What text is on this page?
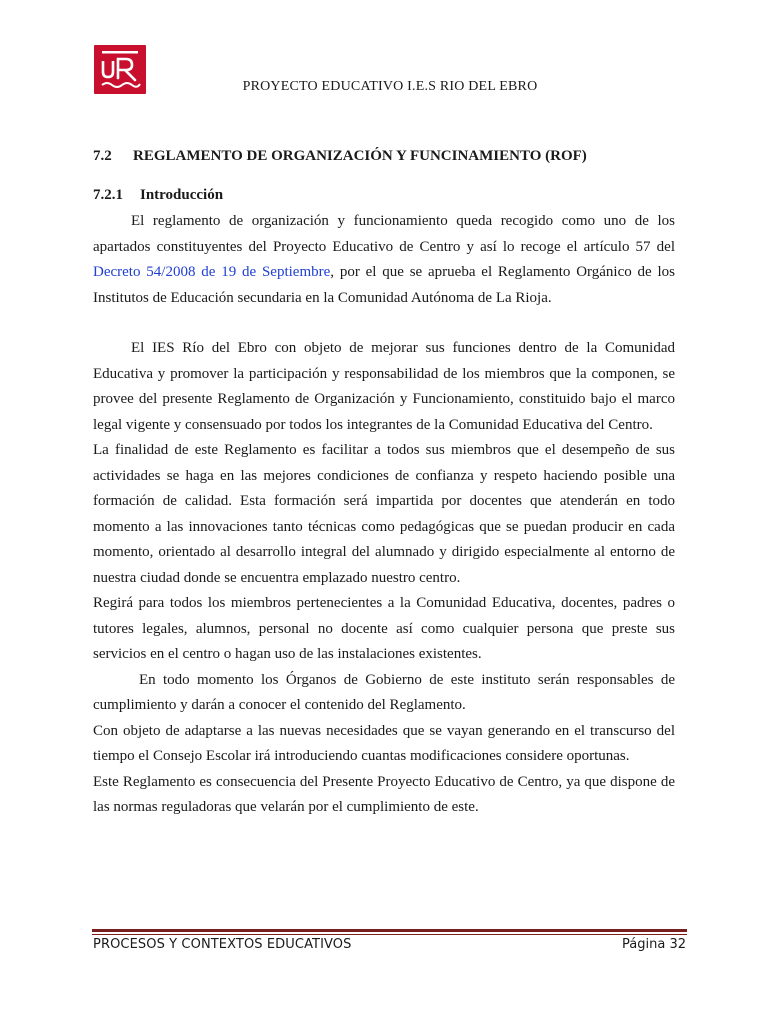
PROYECTO EDUCATIVO I.E.S RIO DEL EBRO
7.2 REGLAMENTO DE ORGANIZACIÓN Y FUNCINAMIENTO (ROF)
7.2.1 Introducción

El reglamento de organización y funcionamiento queda recogido como uno de los apartados constituyentes del Proyecto Educativo de Centro y así lo recoge el artículo 57 del Decreto 54/2008 de 19 de Septiembre, por el que se aprueba el Reglamento Orgánico de los Institutos de Educación secundaria en la Comunidad Autónoma de La Rioja.

El IES Río del Ebro con objeto de mejorar sus funciones dentro de la Comunidad Educativa y promover la participación y responsabilidad de los miembros que la componen, se provee del presente Reglamento de Organización y Funcionamiento, constituido bajo el marco legal vigente y consensuado por todos los integrantes de la Comunidad Educativa del Centro.

La finalidad de este Reglamento es facilitar a todos sus miembros que el desempeño de sus actividades se haga en las mejores condiciones de confianza y respeto haciendo posible una formación de calidad. Esta formación será impartida por docentes que atenderán en todo momento a las innovaciones tanto técnicas como pedagógicas que se puedan producir en cada momento, orientado al desarrollo integral del alumnado y dirigido especialmente al entorno de nuestra ciudad donde se encuentra emplazado nuestro centro.

Regirá para todos los miembros pertenecientes a la Comunidad Educativa, docentes, padres o tutores legales, alumnos, personal no docente así como cualquier persona que preste sus servicios en el centro o hagan uso de las instalaciones existentes.

En todo momento los Órganos de Gobierno de este instituto serán responsables de cumplimiento y darán a conocer el contenido del Reglamento.

Con objeto de adaptarse a las nuevas necesidades que se vayan generando en el transcurso del tiempo el Consejo Escolar irá introduciendo cuantas modificaciones considere oportunas.

Este Reglamento es consecuencia del Presente Proyecto Educativo de Centro, ya que dispone de las normas reguladoras que velarán por el cumplimiento de este.

PROCESOS Y CONTEXTOS EDUCATIVOS	Página 32
